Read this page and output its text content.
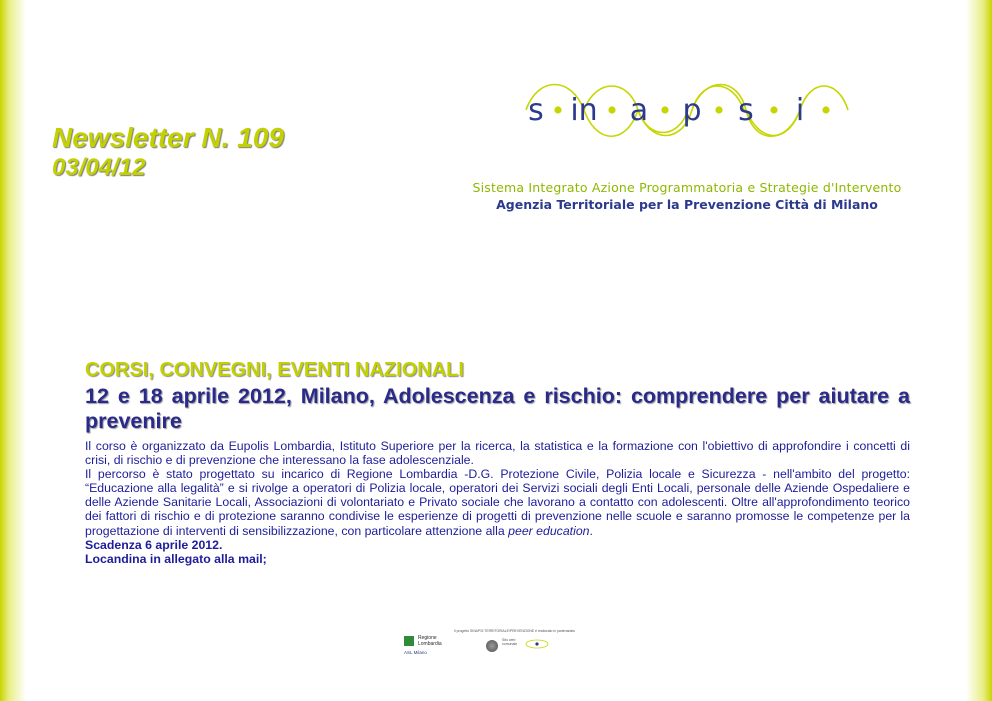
Newsletter N. 109
03/04/12
s in a p s i
Sistema Integrato Azione Programmatoria e Strategie d'Intervento
Agenzia Territoriale per la Prevenzione Città di Milano
CORSI, CONVEGNI, EVENTI NAZIONALI
12 e 18 aprile 2012, Milano, Adolescenza e rischio: comprendere per aiutare a prevenire

Il corso è organizzato da Eupolis Lombardia, Istituto Superiore per la ricerca, la statistica e la formazione con l'obiettivo di approfondire i concetti di crisi, di rischio e di prevenzione che interessano la fase adolescenziale.

Il percorso è stato progettato su incarico di Regione Lombardia -D.G. Protezione Civile, Polizia locale e Sicurezza - nell'ambito del progetto: “Educazione alla legalità” e si rivolge a operatori di Polizia locale, operatori dei Servizi sociali degli Enti Locali, personale delle Aziende Ospedaliere e delle Aziende Sanitarie Locali, Associazioni di volontariato e Privato sociale che lavorano a contatto con adolescenti. Oltre all'approfondimento teorico dei fattori di rischio e di protezione saranno condivise le esperienze di progetti di prevenzione nelle scuole e saranno promosse le competenze per la progettazione di interventi di sensibilizzazione, con particolare attenzione alla peer education.

Scadenza 6 aprile 2012.
Locandina in allegato alla mail;
Regione
Lombardia
ASL Milano
Il progetto SINAPSI TERRITORIALE/PREVENZIONE è realizzato in partenariato
Sito web
comunale
